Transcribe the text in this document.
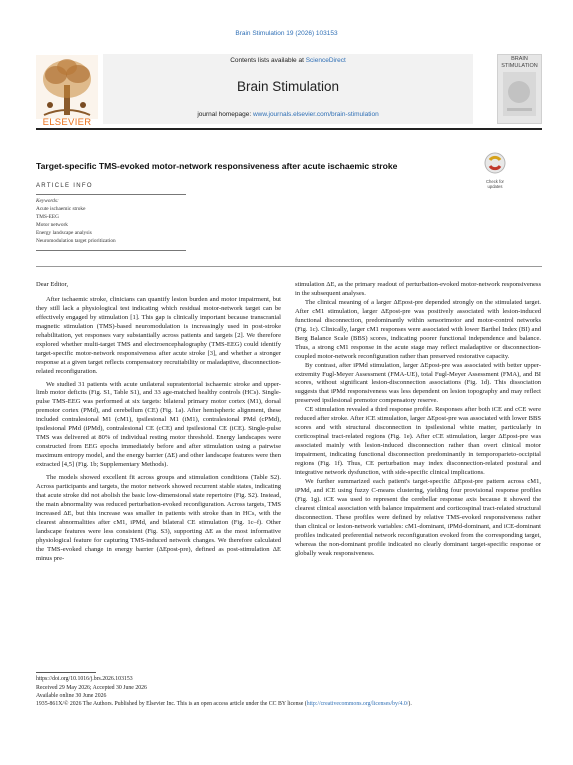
Brain Stimulation 19 (2026) 103153
ELSEVIER
Contents lists available at ScienceDirect
Brain Stimulation
journal homepage: www.journals.elsevier.com/brain-stimulation
BRAIN STIMULATION
Target-specific TMS-evoked motor-network responsiveness after acute ischaemic stroke
Check for updates
ARTICLE INFO
Keywords:
Acute ischaemic stroke
TMS-EEG
Motor network
Energy landscape analysis
Neuromodulation target prioritization

Dear Editor,

After ischaemic stroke, clinicians can quantify lesion burden and motor impairment, but they still lack a physiological test indicating which residual motor-network target can be effectively engaged by stimulation [1]. This gap is clinically important because transcranial magnetic stimulation (TMS)-based neuromodulation is increasingly used in post-stroke rehabilitation, yet responses vary substantially across patients and targets [2]. We therefore explored whether multi-target TMS and electroencephalography (TMS-EEG) could identify target-specific motor-network responsiveness after acute stroke [3], and whether a stronger response at a given target reflects compensatory recruitability or maladaptive, disconnection-related reconfiguration.

We studied 31 patients with acute unilateral supratentorial ischaemic stroke and upper-limb motor deficits (Fig. S1, Table S1), and 33 age-matched healthy controls (HCs). Single-pulse TMS-EEG was performed at six targets: bilateral primary motor cortex (M1), dorsal premotor cortex (PMd), and cerebellum (CE) (Fig. 1a). After hemispheric alignment, these included contralesional M1 (cM1), ipsilesional M1 (iM1), contralesional PMd (cPMd), ipsilesional PMd (iPMd), contralesional CE (cCE) and ipsilesional CE (iCE). Single-pulse TMS was delivered at 80% of individual resting motor threshold. Energy landscapes were constructed from EEG epochs immediately before and after stimulation using a pairwise maximum entropy model, and the energy barrier (ΔE) and other landscape features were then extracted [4,5] (Fig. 1b; Supplementary Methods).

The models showed excellent fit across groups and stimulation conditions (Table S2). Across participants and targets, the motor network showed recurrent stable states, indicating that acute stroke did not abolish the basic low-dimensional state repertoire (Fig. S2). Instead, the main abnormality was reduced perturbation-evoked reconfiguration. Across targets, TMS increased ΔE, but this increase was smaller in patients with stroke than in HCs, with the clearest abnormalities after cM1, iPMd, and bilateral CE stimulation (Fig. 1c–f). Other landscape features were less consistent (Fig. S3), supporting ΔE as the most informative physiological feature for capturing TMS-induced network changes. We therefore calculated the TMS-evoked change in energy barrier (ΔEpost-pre), defined as post-stimulation ΔE minus pre-

stimulation ΔE, as the primary readout of perturbation-evoked motor-network responsiveness in the subsequent analyses.

The clinical meaning of a larger ΔEpost-pre depended strongly on the stimulated target. After cM1 stimulation, larger ΔEpost-pre was positively associated with lesion-induced functional disconnection, predominantly within sensorimotor and motor-control networks (Fig. 1c). Clinically, larger cM1 responses were associated with lower Barthel Index (BI) and Berg Balance Scale (BBS) scores, indicating poorer functional independence and balance. Thus, a strong cM1 response in the acute stage may reflect maladaptive or disconnection-coupled motor-network reconfiguration rather than preserved restorative capacity.

By contrast, after iPMd stimulation, larger ΔEpost-pre was associated with better upper-extremity Fugl-Meyer Assessment (FMA-UE), total Fugl-Meyer Assessment (FMA), and BI scores, without significant lesion-disconnection associations (Fig. 1d). This dissociation suggests that iPMd responsiveness was less dependent on lesion topography and may reflect preserved ipsilesional premotor compensatory reserve.

CE stimulation revealed a third response profile. Responses after both iCE and cCE were reduced after stroke. After iCE stimulation, larger ΔEpost-pre was associated with lower BBS scores and with structural disconnection in ipsilesional white matter, particularly in corticospinal tract-related regions (Fig. 1e). After cCE stimulation, larger ΔEpost-pre was associated mainly with lesion-induced disconnection rather than overt clinical motor impairment, indicating functional disconnection predominantly in temporoparieto-occipital regions (Fig. 1f). Thus, CE perturbation may index disconnection-related postural and integrative network dysfunction, with side-specific clinical implications.

We further summarized each patient's target-specific ΔEpost-pre pattern across cM1, iPMd, and iCE using fuzzy C-means clustering, yielding four provisional response profiles (Fig. 1g). iCE was used to represent the cerebellar response axis because it showed the clearest clinical association with balance impairment and corticospinal tract-related structural disconnection. These profiles were defined by relative TMS-evoked responsiveness rather than clinical or lesion-network variables: cM1-dominant, iPMd-dominant, and iCE-dominant profiles indicated preferential network reconfiguration evoked from the corresponding target, whereas the non-dominant profile indicated no clearly dominant target-specific response or globally weak responsiveness.

https://doi.org/10.1016/j.brs.2026.103153
Received 29 May 2026; Accepted 30 June 2026
Available online 30 June 2026
1935-861X/© 2026 The Authors. Published by Elsevier Inc. This is an open access article under the CC BY license (http://creativecommons.org/licenses/by/4.0/).
